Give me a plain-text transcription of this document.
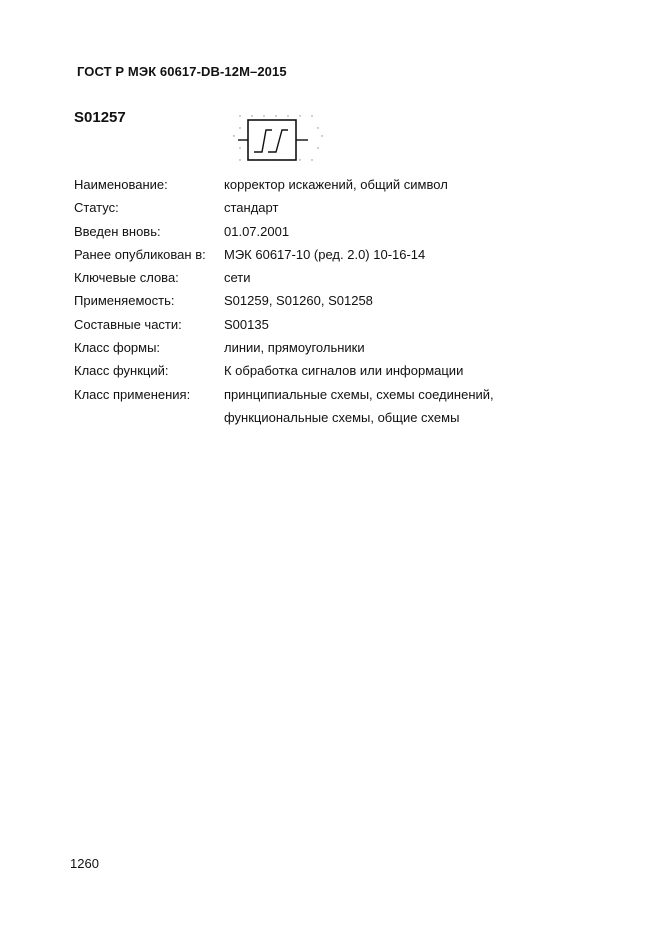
ГОСТ Р МЭК 60617-DB-12M–2015
S01257
Наименование:	корректор искажений, общий символ
Статус:	стандарт
Введен вновь:	01.07.2001
Ранее опубликован в:	МЭК 60617-10 (ред. 2.0) 10-16-14
Ключевые слова:	сети
Применяемость:	S01259, S01260, S01258
Составные части:	S00135
Класс формы:	линии, прямоугольники
Класс функций:	К обработка сигналов или информации
Класс применения:	принципиальные схемы, схемы соединений,
функциональные схемы, общие схемы
1260
